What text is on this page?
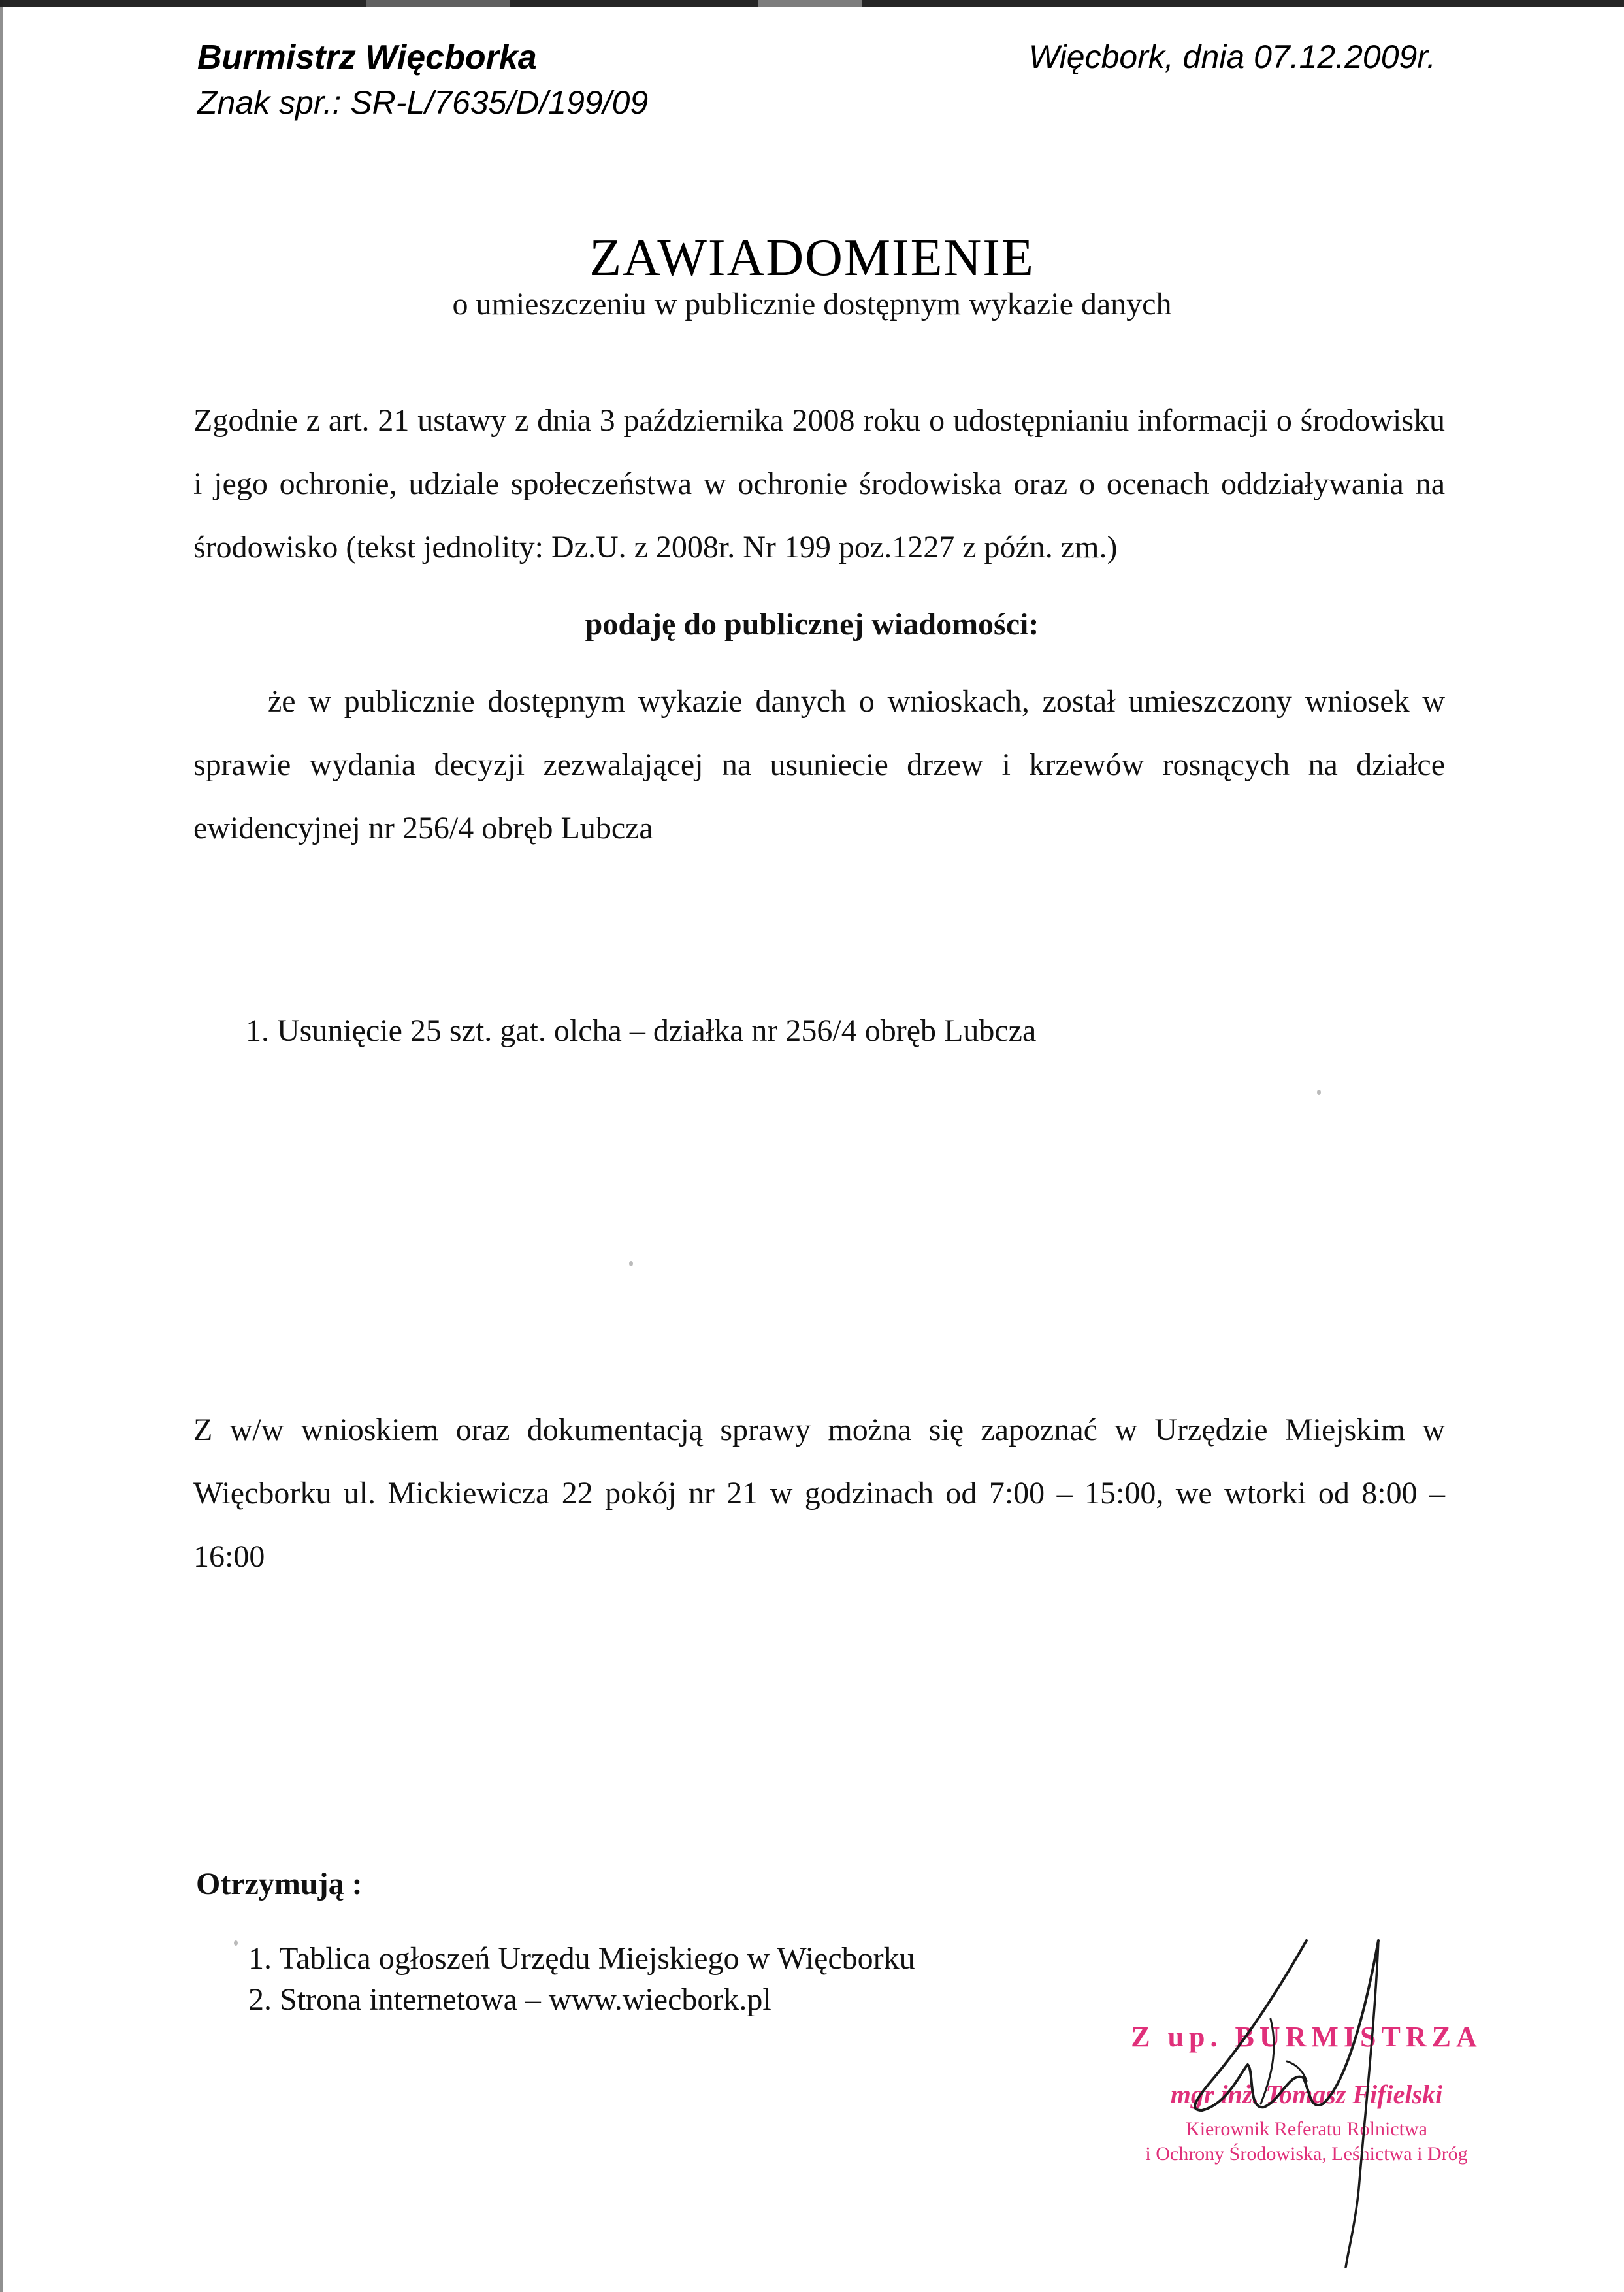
Burmistrz Więcborka
Znak spr.: SR-L/7635/D/199/09
Więcbork, dnia 07.12.2009r.
ZAWIADOMIENIE
o umieszczeniu w publicznie dostępnym wykazie danych

Zgodnie z art. 21 ustawy z dnia 3 października 2008 roku o udostępnianiu informacji o środowisku i jego ochronie, udziale społeczeństwa w ochronie środowiska oraz o ocenach oddziaływania na środowisko (tekst jednolity: Dz.U. z 2008r. Nr 199 poz.1227 z późn. zm.)

podaję do publicznej wiadomości:

że w publicznie dostępnym wykazie danych o wnioskach, został umieszczony wniosek w sprawie wydania decyzji zezwalającej na usuniecie drzew i krzewów rosnących na działce ewidencyjnej nr 256/4 obręb Lubcza

1. Usunięcie 25 szt. gat. olcha – działka nr 256/4 obręb Lubcza

Z w/w wnioskiem oraz dokumentacją sprawy można się zapoznać w Urzędzie Miejskim w Więcborku ul. Mickiewicza 22 pokój nr 21 w godzinach od 7:00 – 15:00, we wtorki od 8:00 – 16:00

Otrzymują :
1. Tablica ogłoszeń Urzędu Miejskiego w Więcborku
2. Strona internetowa – www.wiecbork.pl
Z up. BURMISTRZA
mgr inż. Tomasz Fifielski
Kierownik Referatu Rolnictwa
i Ochrony Środowiska, Leśnictwa i Dróg
